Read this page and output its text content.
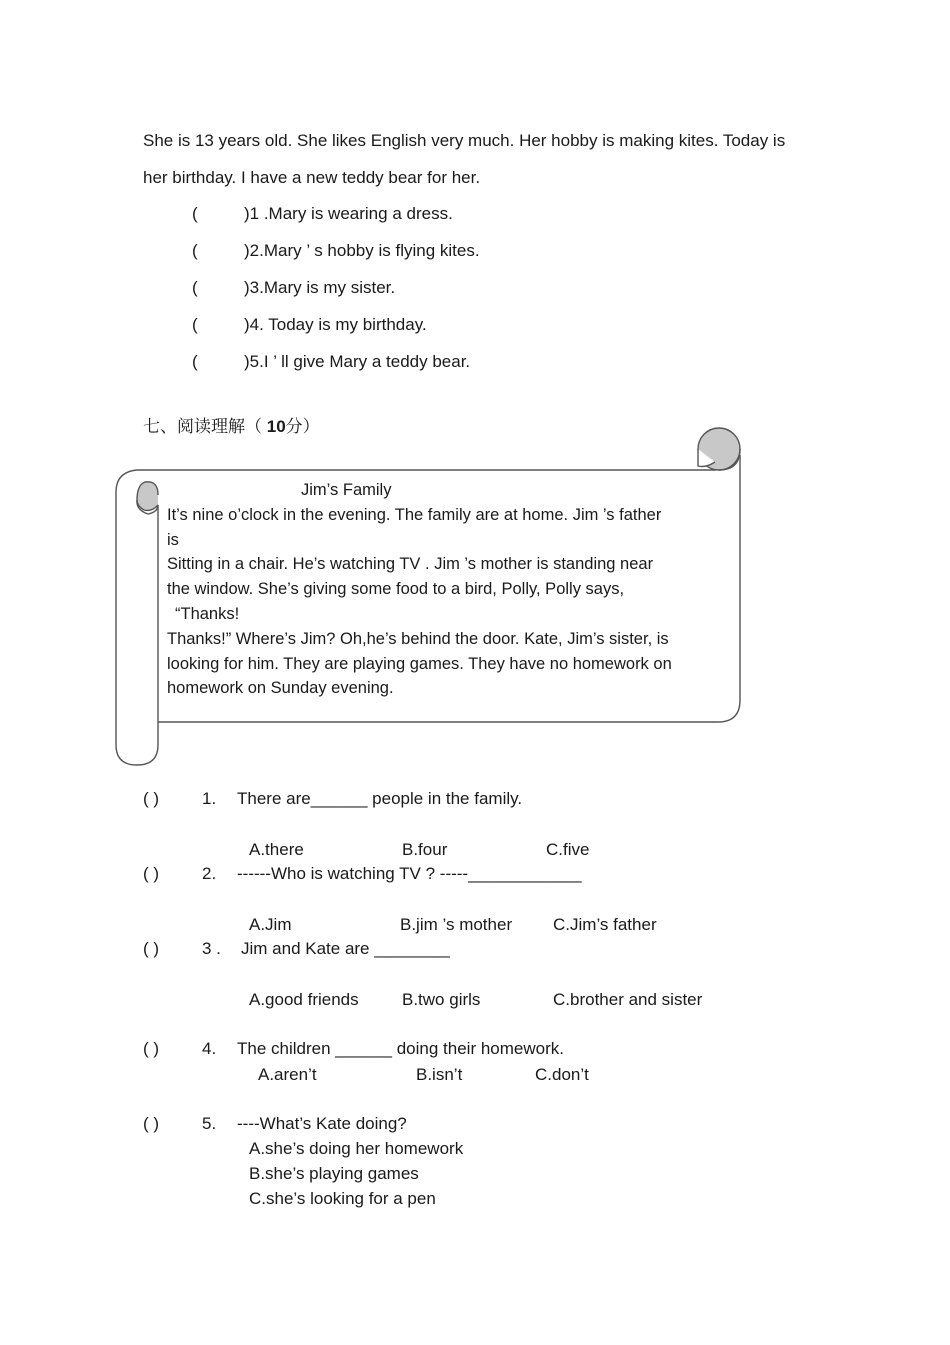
She is 13 years old. She likes English very much. Her hobby is making kites. Today is
her birthday. I have a new teddy bear for her.
(	)1 .Mary is wearing a dress.
(	)2.Mary ’ s hobby is flying kites.
(	)3.Mary is my sister.
(	)4. Today is my birthday.
(	)5.I ’ ll give Mary a teddy bear.
七、阅读理解（ 10分）
Jim’s Family
It’s nine o’clock in the evening. The family are at home. Jim ’s father
is
Sitting in a chair. He’s watching TV . Jim ’s mother is standing near
the window. She’s giving some food to a bird, Polly, Polly says,
“Thanks!
Thanks!” Where’s Jim? Oh,he’s behind the door. Kate, Jim’s sister, is
looking for him. They are playing games. They have no homework on
homework on Sunday evening.
( )	1. There are______ people in the family.
A.there	B.four	C.five
( )	2. ------Who is watching TV ? -----____________
A.Jim	B.jim ’s mother C.Jim’s father
( )	3 . Jim and Kate are ________
A.good friends	B.two girls	C.brother and sister
( )	4. The children ______ doing their homework.
A.aren’t	B.isn’t	C.don’t
( )	5. ----What’s Kate doing?
A.she’s doing her homework
B.she’s playing games
C.she’s looking for a pen
